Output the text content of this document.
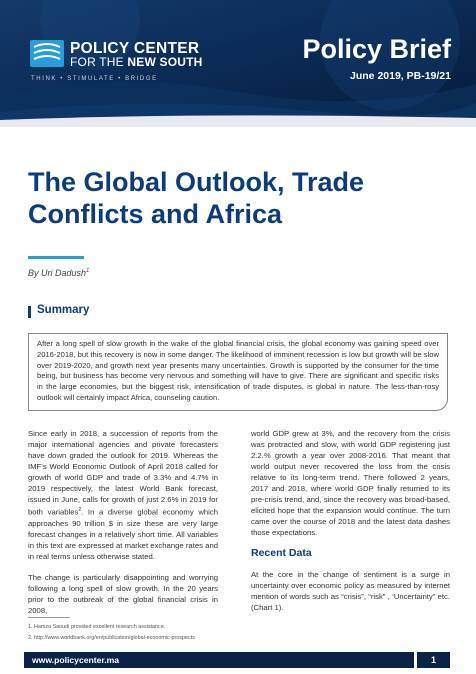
POLICY CENTER
FOR THE NEW SOUTH
THINK • STIMULATE • BRIDGE
Policy Brief
June 2019, PB-19/21
The Global Outlook, Trade Conflicts and Africa
By Uri Dadush$^1$
Summary
After a long spell of slow growth in the wake of the global financial crisis, the global economy was gaining speed over 2016-2018, but this recovery is now in some danger. The likelihood of imminent recession is low but growth will be slow over 2019-2020, and growth next year presents many uncertainties. Growth is supported by the consumer for the time being, but business has become very nervous and something will have to give. There are significant and specific risks in the large economies, but the biggest risk, intensification of trade disputes, is global in nature. The less-than-rosy outlook will certainly impact Africa, counseling caution.

Since early in 2018, a succession of reports from the major international agencies and private forecasters have down graded the outlook for 2019. Whereas the IMF's World Economic Outlook of April 2018 called for growth of world GDP and trade of 3.3% and 4.7% in 2019 respectively, the latest World Bank forecast, issued in June, calls for growth of just 2.6% in 2019 for both variables$^2$. In a diverse global economy which approaches 90 trillion $ in size these are very large forecast changes in a relatively short time. All variables in this text are expressed at market exchange rates and in real terms unless otherwise stated.

The change is particularly disappointing and worrying following a long spell of slow growth. In the 20 years prior to the outbreak of the global financial crisis in 2008,

world GDP grew at 3%, and the recovery from the crisis was protracted and slow, with world GDP registering just 2.2.% growth a year over 2008-2016. That meant that world output never recovered the loss from the crisis relative to its long-term trend. There followed 2 years, 2017 and 2018, where world GDP finally returned to its pre-crisis trend, and, since the recovery was broad-based, elicited hope that the expansion would continue. The turn came over the course of 2018 and the latest data dashes those expectations.

Recent Data

At the core in the change of sentiment is a surge in uncertainty over economic policy as measured by internet mention of words such as “crisis”, “risk” , ‘Uncertainty” etc. (Chart 1).

1. Hamza Saoudi provided excellent research assistance.
2. http://www.worldbank.org/en/publication/global-economic-prospects
www.policycenter.ma	1
